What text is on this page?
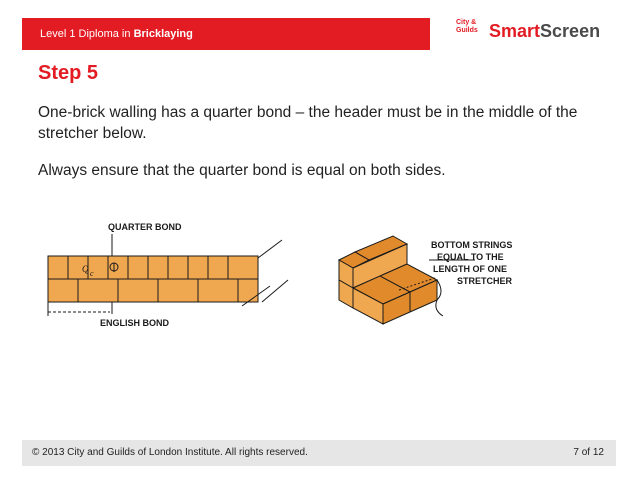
Level 1 Diploma in Bricklaying
City &
Guilds SmartScreen
Step 5
One-brick walling has a quarter bond – the header must be in the middle of the stretcher below.
Always ensure that the quarter bond is equal on both sides.
QUARTER BOND
Q c
ENGLISH BOND
BOTTOM STRINGS
EQUAL TO THE
LENGTH OF ONE
STRETCHER
© 2013 City and Guilds of London Institute. All rights reserved.	7 of 12
